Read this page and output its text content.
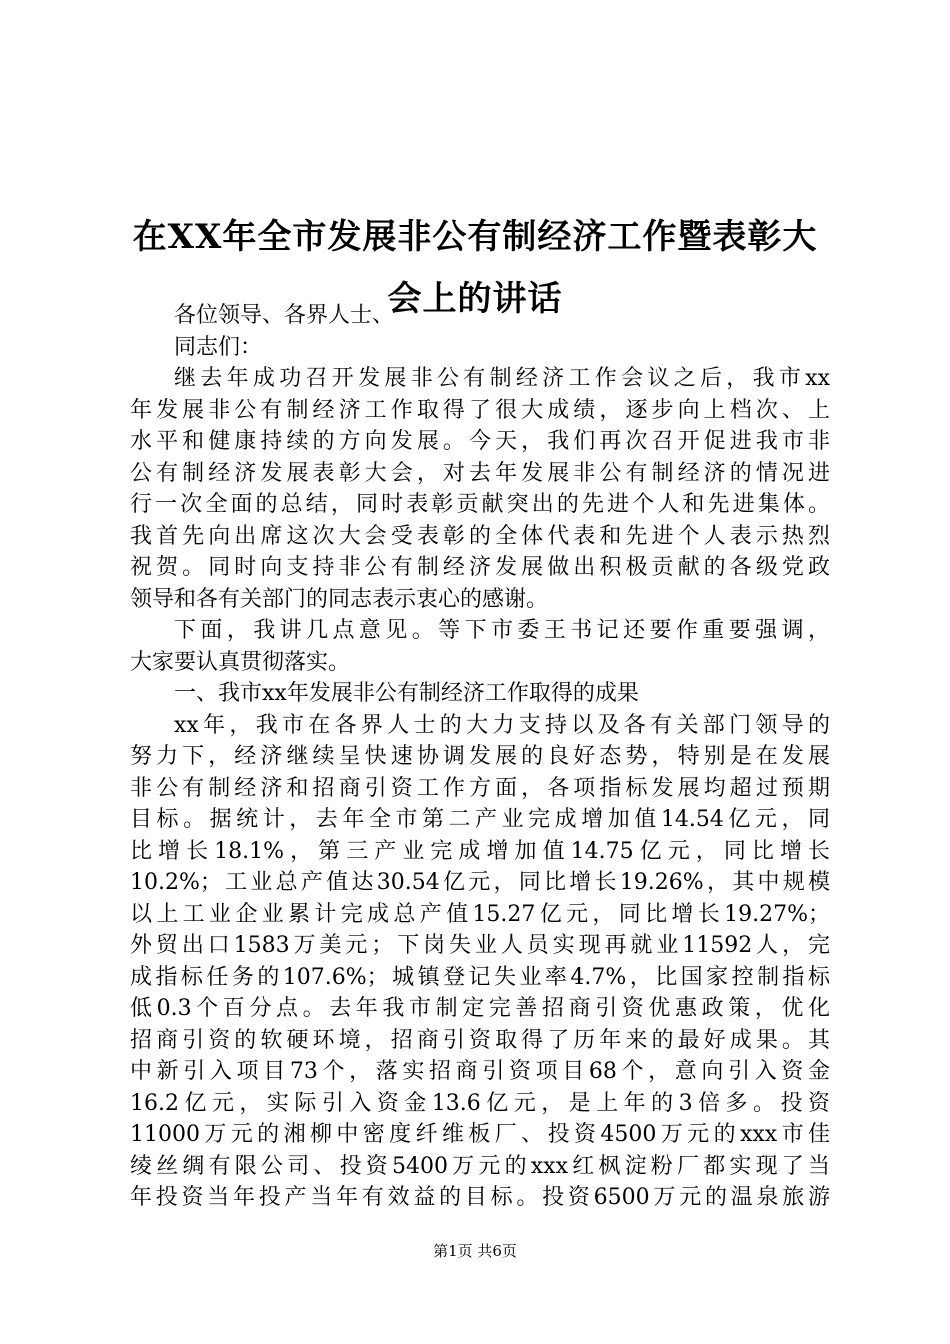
在XX年全市发展非公有制经济工作暨表彰大
会上的讲话
各位领导、各界人士、
同志们：
继去年成功召开发展非公有制经济工作会议之后，我市xx
年发展非公有制经济工作取得了很大成绩，逐步向上档次、上
水平和健康持续的方向发展。今天，我们再次召开促进我市非
公有制经济发展表彰大会，对去年发展非公有制经济的情况进
行一次全面的总结，同时表彰贡献突出的先进个人和先进集体。
我首先向出席这次大会受表彰的全体代表和先进个人表示热烈
祝贺。同时向支持非公有制经济发展做出积极贡献的各级党政
领导和各有关部门的同志表示衷心的感谢。
下面，我讲几点意见。等下市委王书记还要作重要强调，
大家要认真贯彻落实。
一、我市xx年发展非公有制经济工作取得的成果
xx年，我市在各界人士的大力支持以及各有关部门领导的
努力下，经济继续呈快速协调发展的良好态势，特别是在发展
非公有制经济和招商引资工作方面，各项指标发展均超过预期
目标。据统计，去年全市第二产业完成增加值14.54亿元，同
比增长18.1%，第三产业完成增加值14.75亿元，同比增长
10.2%；工业总产值达30.54亿元，同比增长19.26%，其中规模
以上工业企业累计完成总产值15.27亿元，同比增长19.27%；
外贸出口1583万美元；下岗失业人员实现再就业11592人，完
成指标任务的107.6%；城镇登记失业率4.7%，比国家控制指标
低0.3个百分点。去年我市制定完善招商引资优惠政策，优化
招商引资的软硬环境，招商引资取得了历年来的最好成果。其
中新引入项目73个，落实招商引资项目68个，意向引入资金
16.2亿元，实际引入资金13.6亿元，是上年的3倍多。投资
11000万元的湘柳中密度纤维板厂、投资4500万元的xxx市佳
绫丝绸有限公司、投资5400万元的xxx红枫淀粉厂都实现了当
年投资当年投产当年有效益的目标。投资6500万元的温泉旅游
第1页 共6页
